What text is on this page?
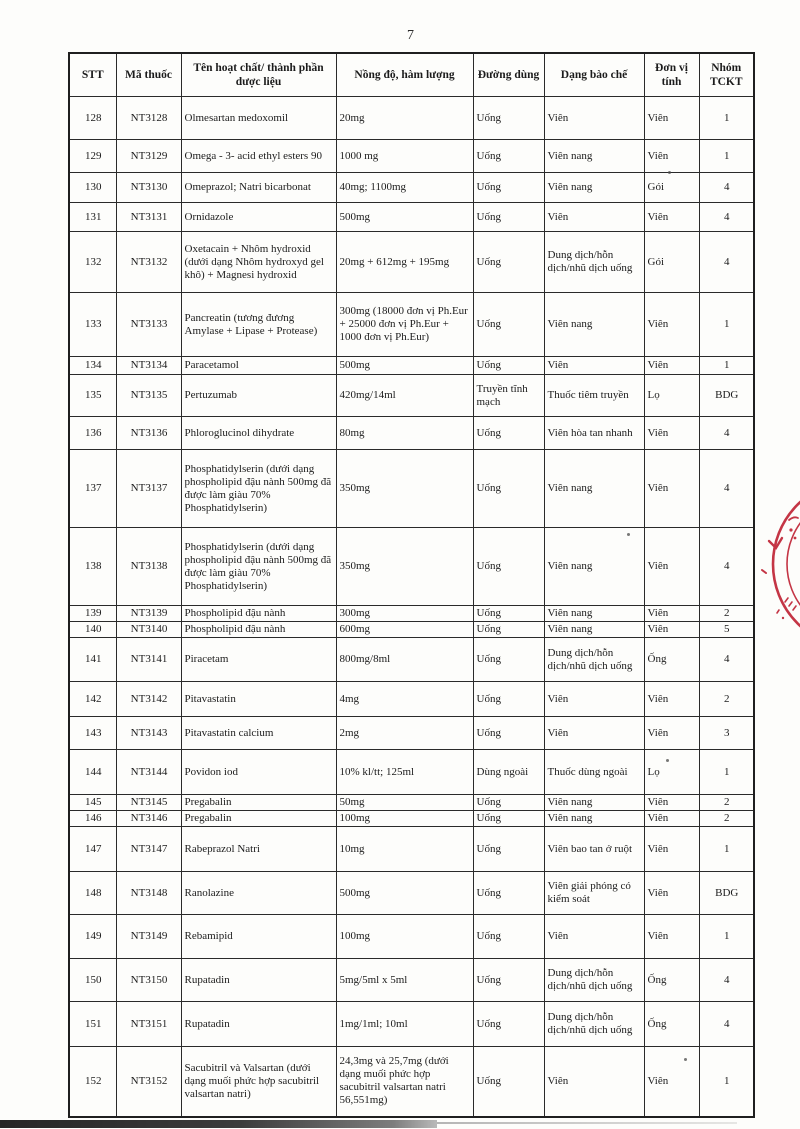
7
STT	Mã thuốc	Tên hoạt chất/ thành phần dược liệu	Nồng độ, hàm lượng	Đường dùng	Dạng bào chế	Đơn vị tính	Nhóm TCKT
128	NT3128	Olmesartan medoxomil	20mg	Uống	Viên	Viên	1
129	NT3129	Omega - 3- acid ethyl esters 90	1000 mg	Uống	Viên nang	Viên	1
130	NT3130	Omeprazol; Natri bicarbonat	40mg; 1100mg	Uống	Viên nang	Gói	4
131	NT3131	Ornidazole	500mg	Uống	Viên	Viên	4
132	NT3132	Oxetacain + Nhôm hydroxid (dưới dạng Nhôm hydroxyd gel khô) + Magnesi hydroxid	20mg + 612mg + 195mg	Uống	Dung dịch/hỗn dịch/nhũ dịch uống	Gói	4
133	NT3133	Pancreatin (tương đương Amylase + Lipase + Protease)	300mg (18000 đơn vị Ph.Eur + 25000 đơn vị Ph.Eur + 1000 đơn vị Ph.Eur)	Uống	Viên nang	Viên	1
134	NT3134	Paracetamol	500mg	Uống	Viên	Viên	1
135	NT3135	Pertuzumab	420mg/14ml	Truyền tĩnh mạch	Thuốc tiêm truyền	Lọ	BDG
136	NT3136	Phloroglucinol dihydrate	80mg	Uống	Viên hòa tan nhanh	Viên	4
137	NT3137	Phosphatidylserin (dưới dạng phospholipid đậu nành 500mg đã được làm giàu 70% Phosphatidylserin)	350mg	Uống	Viên nang	Viên	4
138	NT3138	Phosphatidylserin (dưới dạng phospholipid đậu nành 500mg đã được làm giàu 70% Phosphatidylserin)	350mg	Uống	Viên nang	Viên	4
139	NT3139	Phospholipid đậu nành	300mg	Uống	Viên nang	Viên	2
140	NT3140	Phospholipid đậu nành	600mg	Uống	Viên nang	Viên	5
141	NT3141	Piracetam	800mg/8ml	Uống	Dung dịch/hỗn dịch/nhũ dịch uống	Ống	4
142	NT3142	Pitavastatin	4mg	Uống	Viên	Viên	2
143	NT3143	Pitavastatin calcium	2mg	Uống	Viên	Viên	3
144	NT3144	Povidon iod	10% kl/tt; 125ml	Dùng ngoài	Thuốc dùng ngoài	Lọ	1
145	NT3145	Pregabalin	50mg	Uống	Viên nang	Viên	2
146	NT3146	Pregabalin	100mg	Uống	Viên nang	Viên	2
147	NT3147	Rabeprazol Natri	10mg	Uống	Viên bao tan ở ruột	Viên	1
148	NT3148	Ranolazine	500mg	Uống	Viên giải phóng có kiểm soát	Viên	BDG
149	NT3149	Rebamipid	100mg	Uống	Viên	Viên	1
150	NT3150	Rupatadin	5mg/5ml x 5ml	Uống	Dung dịch/hỗn dịch/nhũ dịch uống	Ống	4
151	NT3151	Rupatadin	1mg/1ml; 10ml	Uống	Dung dịch/hỗn dịch/nhũ dịch uống	Ống	4
152	NT3152	Sacubitril và Valsartan (dưới dạng muối phức hợp sacubitril valsartan natri)	24,3mg và 25,7mg (dưới dạng muối phức hợp sacubitril valsartan natri 56,551mg)	Uống	Viên	Viên	1
